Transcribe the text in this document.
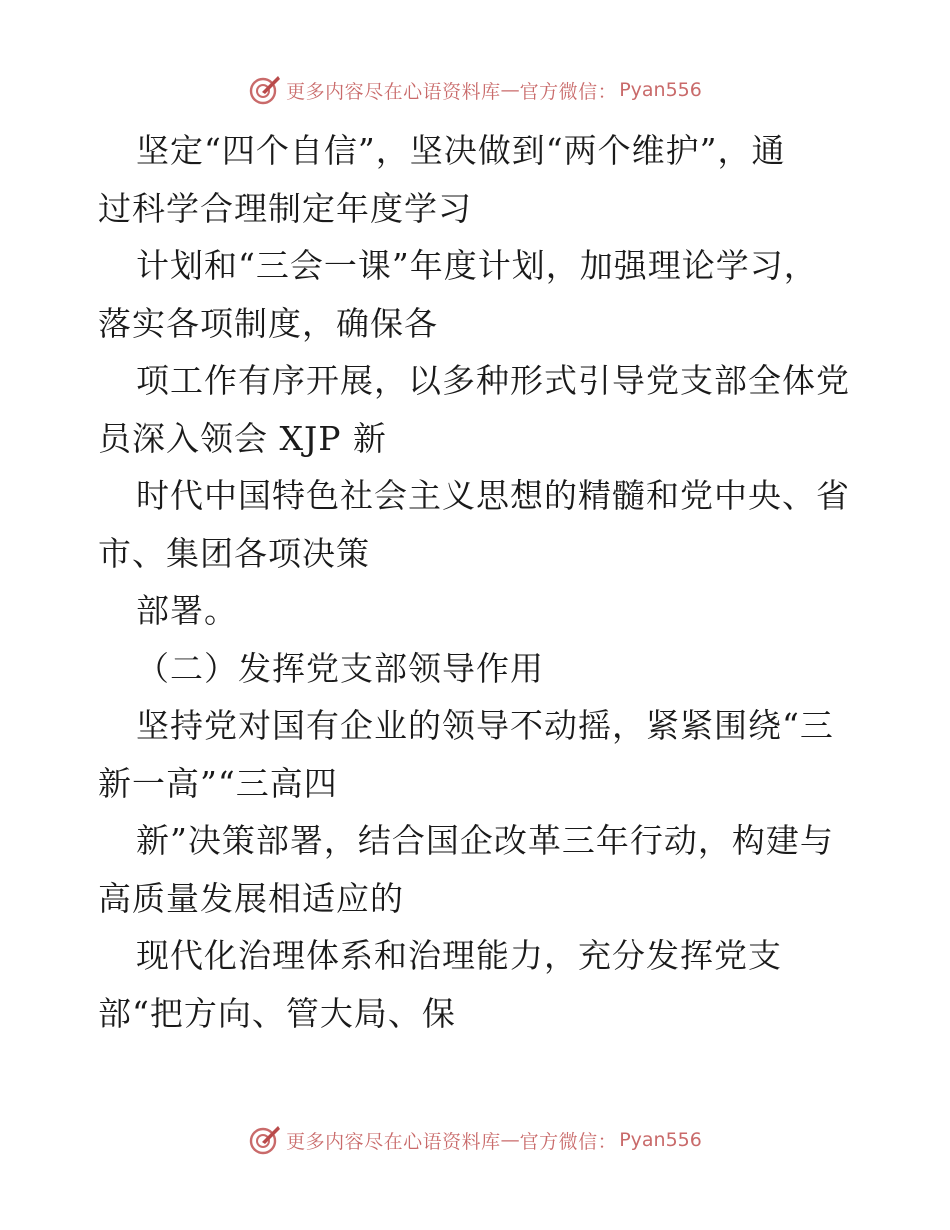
更多内容尽在心语资料库 — 官方微信： Pyan556
坚定“四个自信”，坚决做到“两个维护”，通
过科学合理制定年度学习
计划和“三会一课”年度计划，加强理论学习，
落实各项制度，确保各
项工作有序开展，以多种形式引导党支部全体党
员深入领会 XJP 新
时代中国特色社会主义思想的精髓和党中央、省
市、集团各项决策
部署。
（二）发挥党支部领导作用
坚持党对国有企业的领导不动摇，紧紧围绕“三
新一高”“三高四
新”决策部署，结合国企改革三年行动，构建与
高质量发展相适应的
现代化治理体系和治理能力，充分发挥党支
部“把方向、管大局、保
更多内容尽在心语资料库 — 官方微信： Pyan556
